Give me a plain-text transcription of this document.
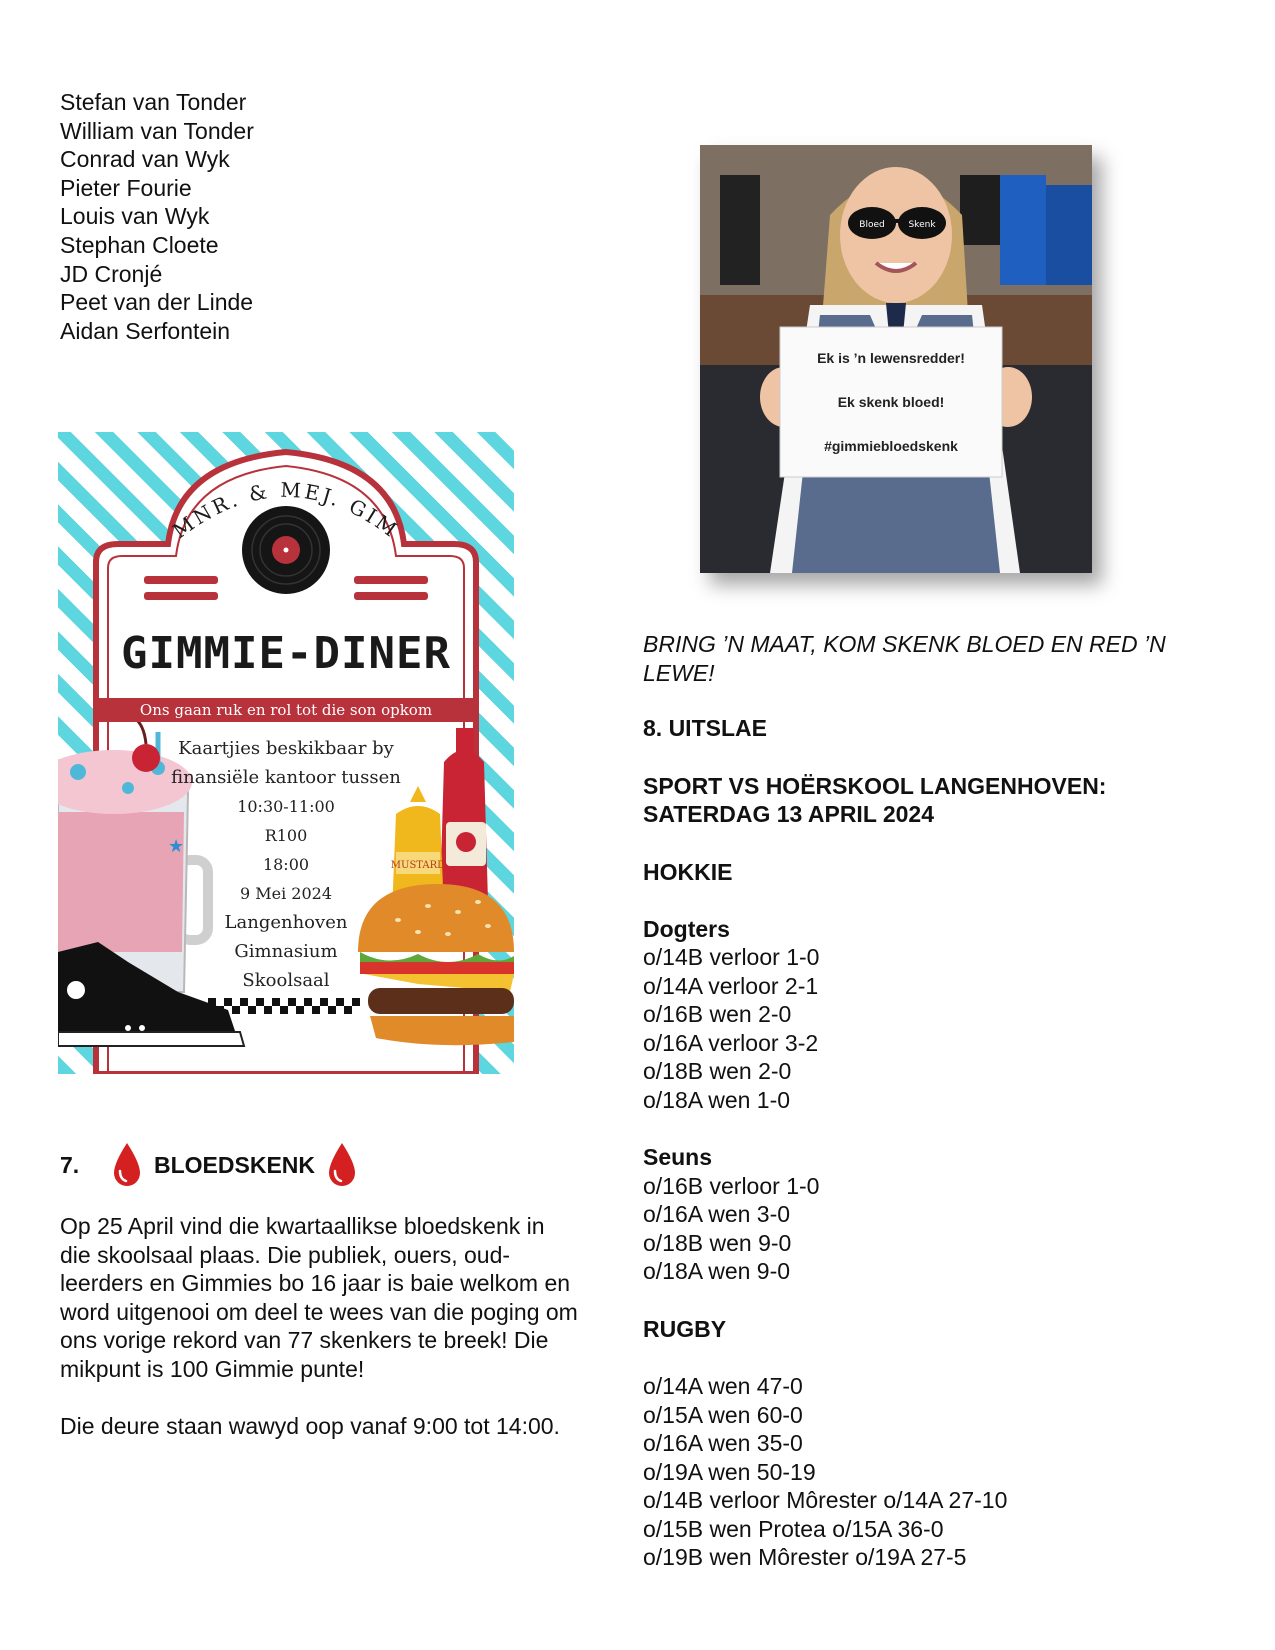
Stefan van Tonder
William van Tonder
Conrad van Wyk
Pieter Fourie
Louis van Wyk
Stephan Cloete
JD Cronjé
Peet van der Linde
Aidan Serfontein
MNR. & MEJ. GIM
★
MUSTARD
GIMMIE-DINER
Ons gaan ruk en rol tot die son opkom
Kaartjies beskikbaar by
finansiële kantoor tussen
10:30-11:00
R100
18:00
9 Mei 2024
Langenhoven
Gimnasium
Skoolsaal
7.	BLOEDSKENK

Op 25 April vind die kwartaallikse bloedskenk in die skoolsaal plaas. Die publiek, ouers, oud-leerders en Gimmies bo 16 jaar is baie welkom en word uitgenooi om deel te wees van die poging om ons vorige rekord van 77 skenkers te breek! Die mikpunt is 100 Gimmie punte!

Die deure staan wawyd oop vanaf 9:00 tot 14:00.

Bloed	Skenk
Ek is ’n lewensredder!
Ek skenk bloed!
#gimmiebloedskenk
BRING ’N MAAT, KOM SKENK BLOED EN RED ’N LEWE!
8. UITSLAE
SPORT VS HOËRSKOOL LANGENHOVEN:
SATERDAG 13 APRIL 2024
HOKKIE
Dogters
o/14B verloor 1-0
o/14A verloor 2-1
o/16B wen 2-0
o/16A verloor 3-2
o/18B wen 2-0
o/18A wen 1-0
Seuns
o/16B verloor 1-0
o/16A wen 3-0
o/18B wen 9-0
o/18A wen 9-0
RUGBY
o/14A wen 47-0
o/15A wen 60-0
o/16A wen 35-0
o/19A wen 50-19
o/14B verloor Môrester o/14A 27-10
o/15B wen Protea o/15A 36-0
o/19B wen Môrester o/19A 27-5
